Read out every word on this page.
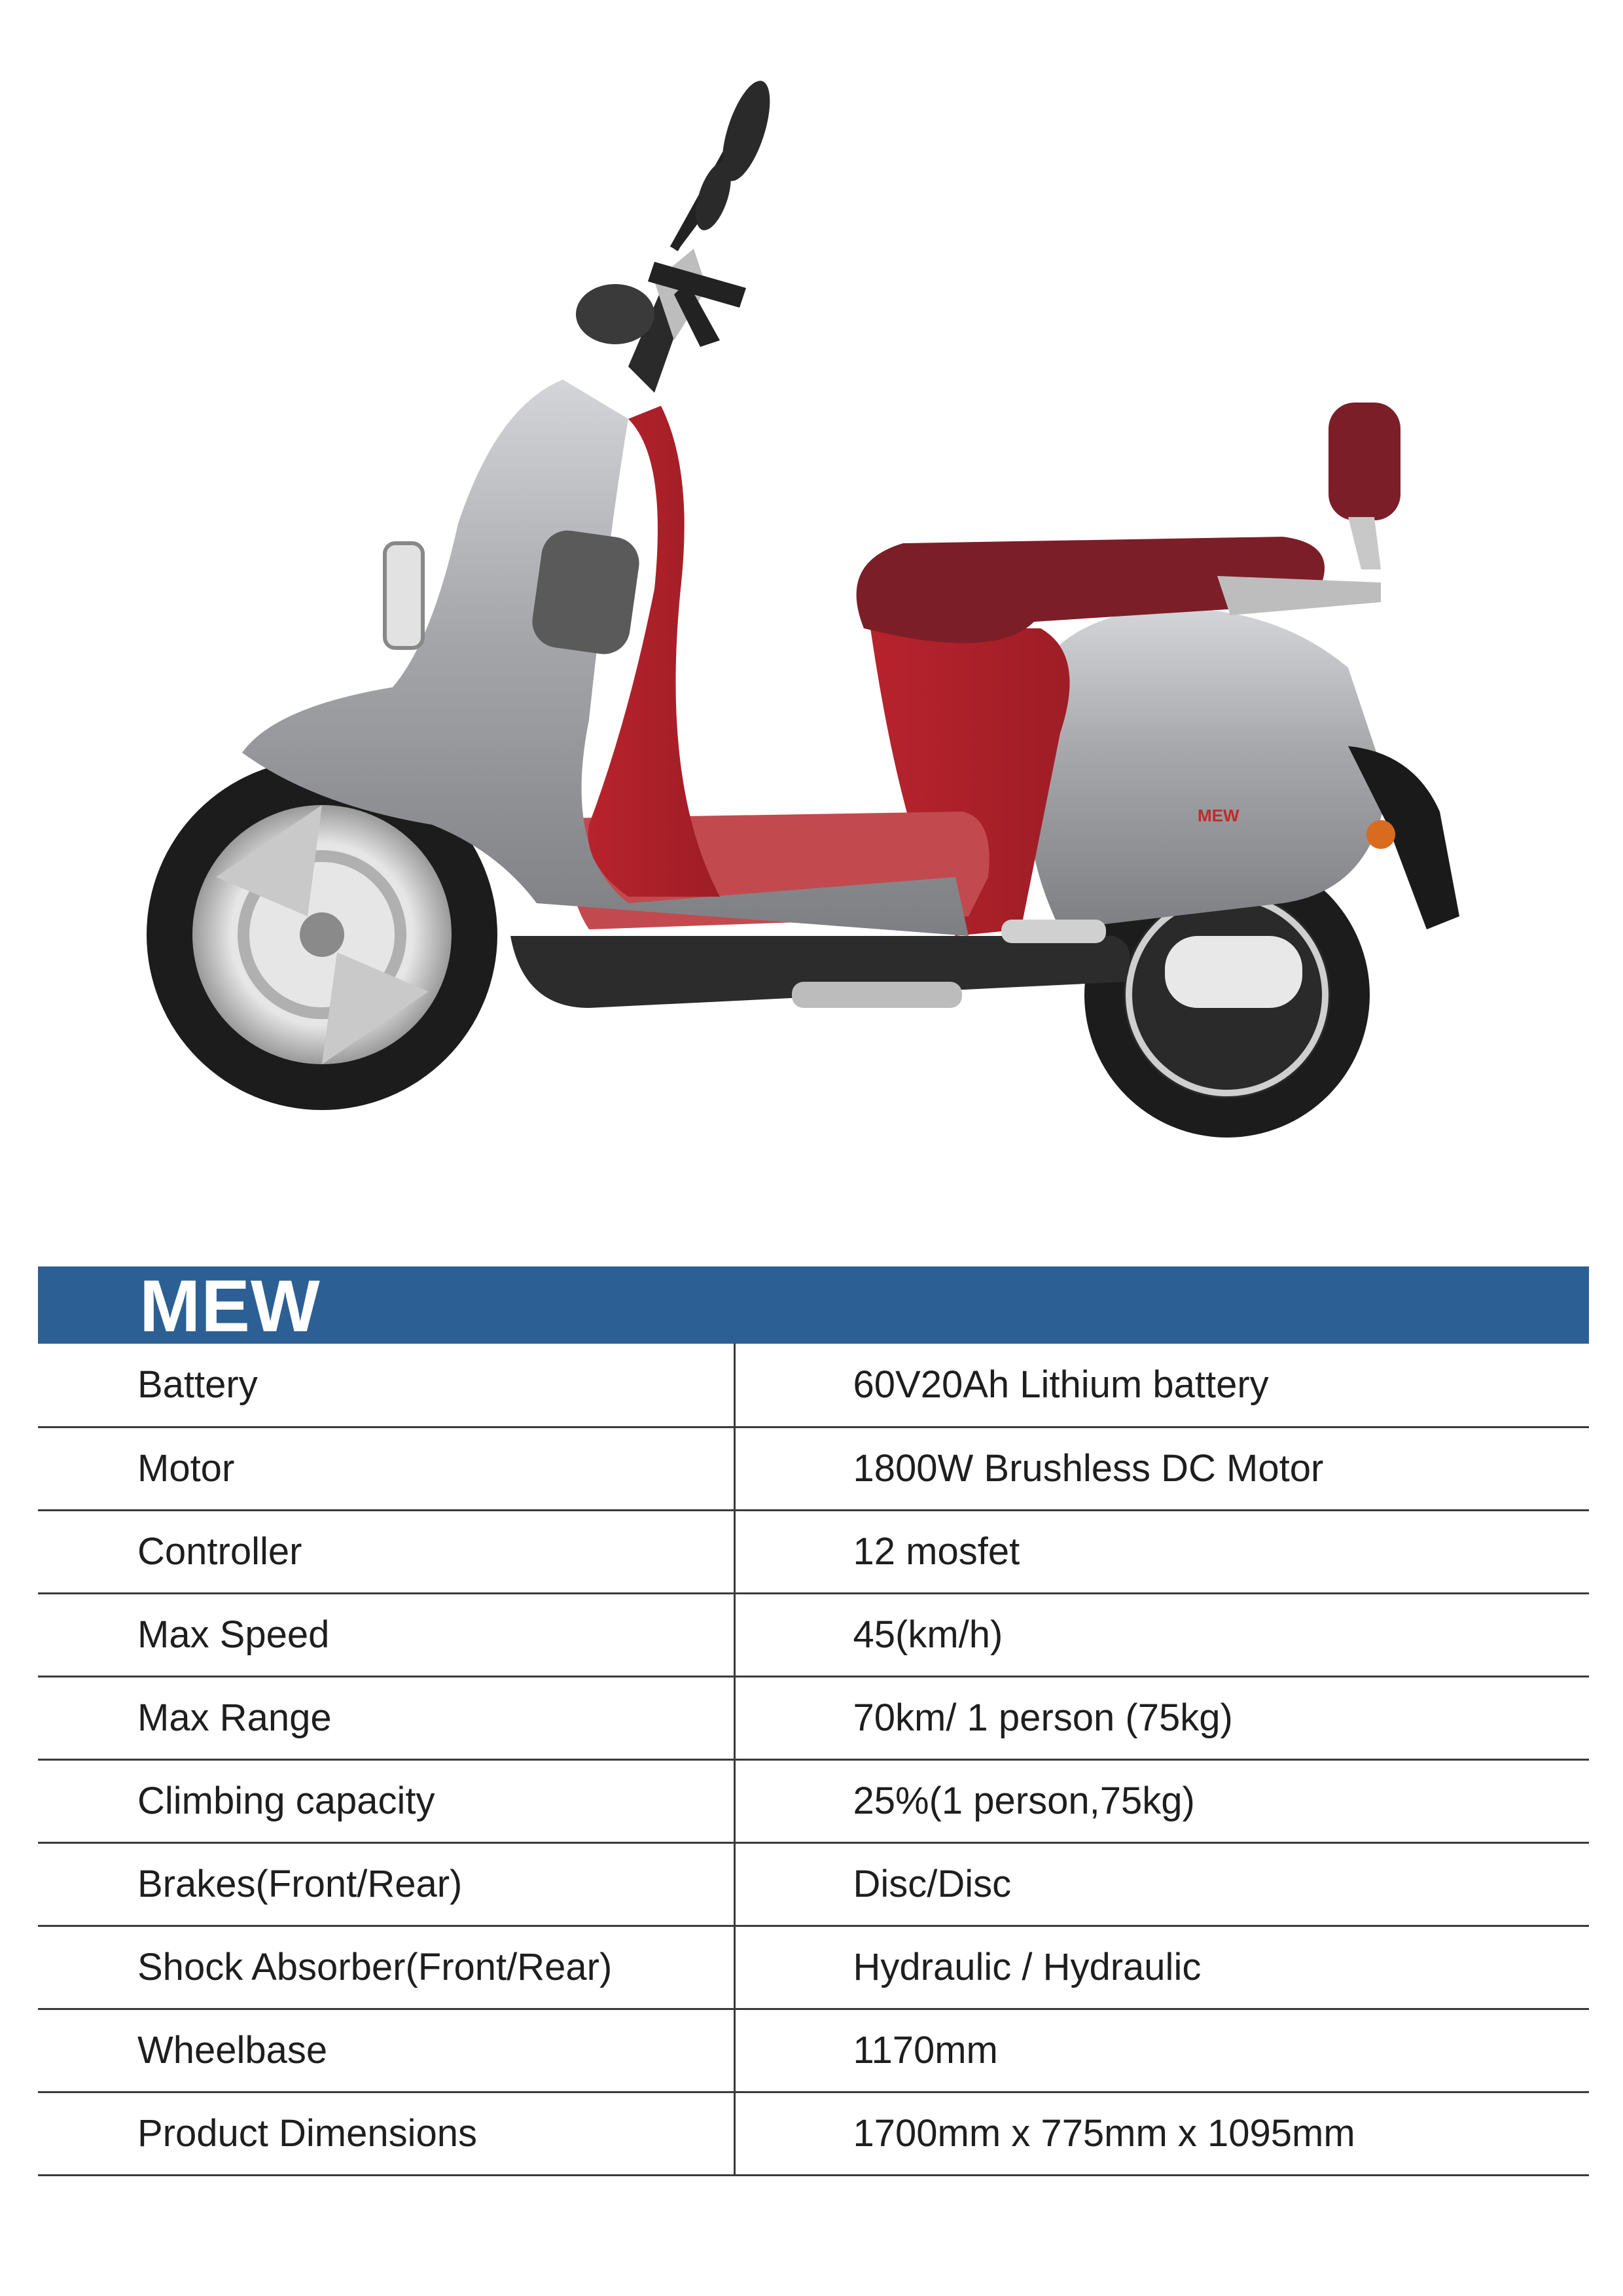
MEW
MEW
Battery	60V20Ah Lithium battery
Motor	1800W Brushless DC Motor
Controller	12 mosfet
Max Speed	45(km/h)
Max Range	70km/ 1 person (75kg)
Climbing capacity	25%(1 person,75kg)
Brakes(Front/Rear)	Disc/Disc
Shock Absorber(Front/Rear)	Hydraulic / Hydraulic
Wheelbase	1170mm
Product Dimensions	1700mm x 775mm x 1095mm
